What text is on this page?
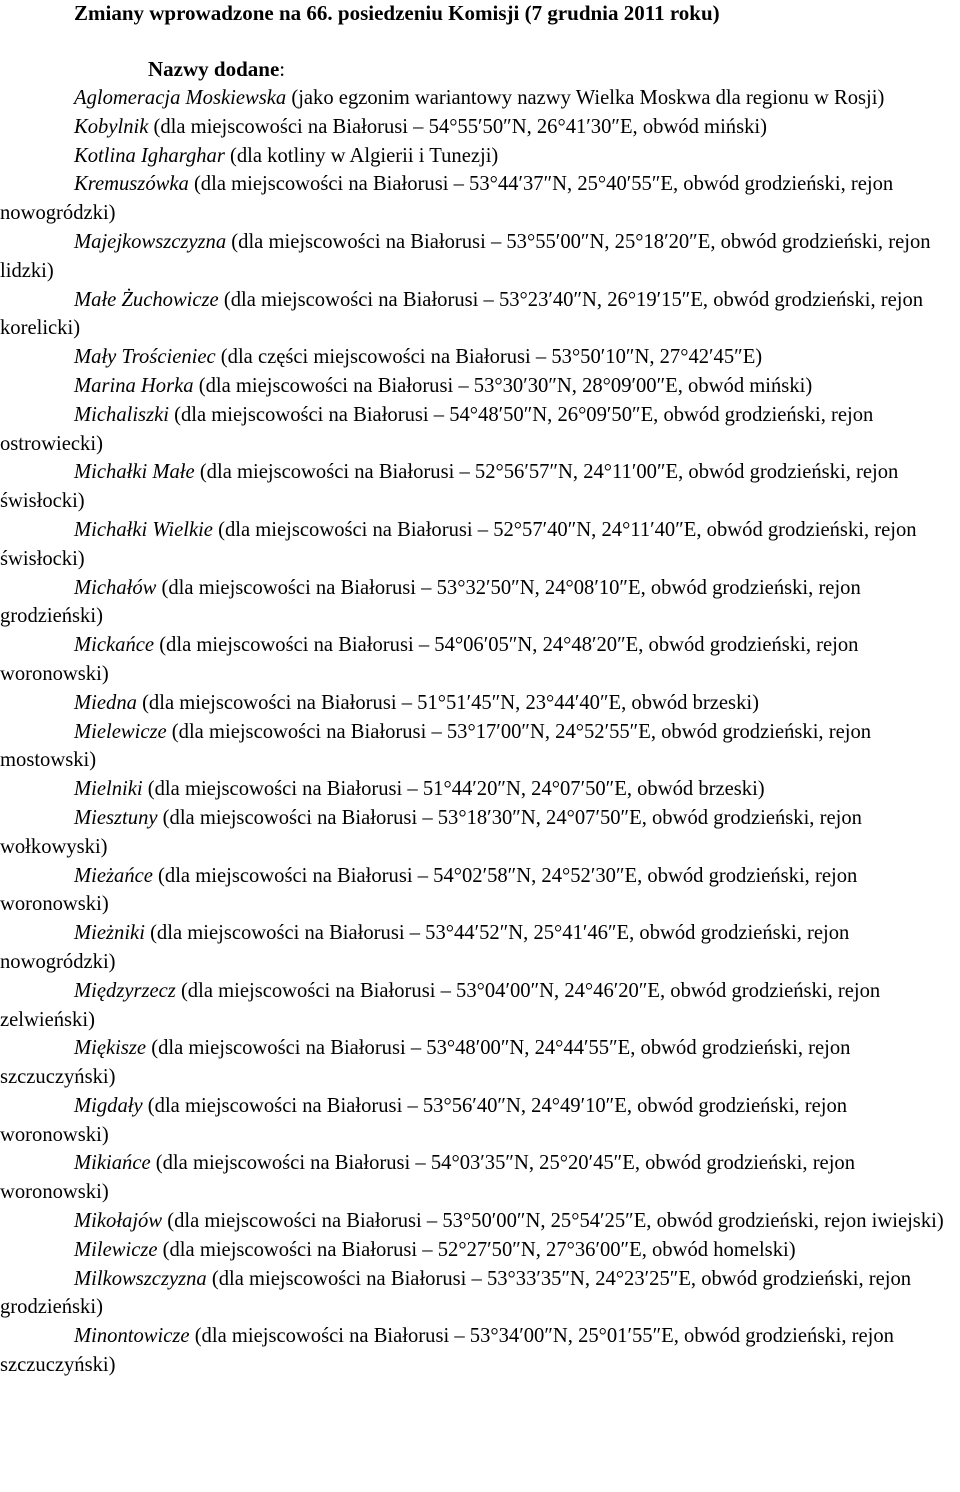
Zmiany wprowadzone na 66. posiedzeniu Komisji (7 grudnia 2011 roku)
Nazwy dodane:

Aglomeracja Moskiewska (jako egzonim wariantowy nazwy Wielka Moskwa dla regionu w Rosji)

Kobylnik (dla miejscowości na Białorusi – 54°55′50″N, 26°41′30″E, obwód miński)

Kotlina Igharghar (dla kotliny w Algierii i Tunezji)

Kremuszówka (dla miejscowości na Białorusi – 53°44′37″N, 25°40′55″E, obwód grodzieński, rejon nowogródzki)

Majejkowszczyzna (dla miejscowości na Białorusi – 53°55′00″N, 25°18′20″E, obwód grodzieński, rejon lidzki)

Małe Żuchowicze (dla miejscowości na Białorusi – 53°23′40″N, 26°19′15″E, obwód grodzieński, rejon korelicki)

Mały Trościeniec (dla części miejscowości na Białorusi – 53°50′10″N, 27°42′45″E)

Marina Horka (dla miejscowości na Białorusi – 53°30′30″N, 28°09′00″E, obwód miński)

Michaliszki (dla miejscowości na Białorusi – 54°48′50″N, 26°09′50″E, obwód grodzieński, rejon ostrowiecki)

Michałki Małe (dla miejscowości na Białorusi – 52°56′57″N, 24°11′00″E, obwód grodzieński, rejon świsłocki)

Michałki Wielkie (dla miejscowości na Białorusi – 52°57′40″N, 24°11′40″E, obwód grodzieński, rejon świsłocki)

Michałów (dla miejscowości na Białorusi – 53°32′50″N, 24°08′10″E, obwód grodzieński, rejon grodzieński)

Mickańce (dla miejscowości na Białorusi – 54°06′05″N, 24°48′20″E, obwód grodzieński, rejon woronowski)

Miedna (dla miejscowości na Białorusi – 51°51′45″N, 23°44′40″E, obwód brzeski)

Mielewicze (dla miejscowości na Białorusi – 53°17′00″N, 24°52′55″E, obwód grodzieński, rejon mostowski)

Mielniki (dla miejscowości na Białorusi – 51°44′20″N, 24°07′50″E, obwód brzeski)

Miesztuny (dla miejscowości na Białorusi – 53°18′30″N, 24°07′50″E, obwód grodzieński, rejon wołkowyski)

Mieżańce (dla miejscowości na Białorusi – 54°02′58″N, 24°52′30″E, obwód grodzieński, rejon woronowski)

Mieżniki (dla miejscowości na Białorusi – 53°44′52″N, 25°41′46″E, obwód grodzieński, rejon nowogródzki)

Międzyrzecz (dla miejscowości na Białorusi – 53°04′00″N, 24°46′20″E, obwód grodzieński, rejon zelwieński)

Miękisze (dla miejscowości na Białorusi – 53°48′00″N, 24°44′55″E, obwód grodzieński, rejon szczuczyński)

Migdały (dla miejscowości na Białorusi – 53°56′40″N, 24°49′10″E, obwód grodzieński, rejon woronowski)

Mikiańce (dla miejscowości na Białorusi – 54°03′35″N, 25°20′45″E, obwód grodzieński, rejon woronowski)

Mikołajów (dla miejscowości na Białorusi – 53°50′00″N, 25°54′25″E, obwód grodzieński, rejon iwiejski)

Milewicze (dla miejscowości na Białorusi – 52°27′50″N, 27°36′00″E, obwód homelski)

Milkowszczyzna (dla miejscowości na Białorusi – 53°33′35″N, 24°23′25″E, obwód grodzieński, rejon grodzieński)

Minontowicze (dla miejscowości na Białorusi – 53°34′00″N, 25°01′55″E, obwód grodzieński, rejon szczuczyński)
